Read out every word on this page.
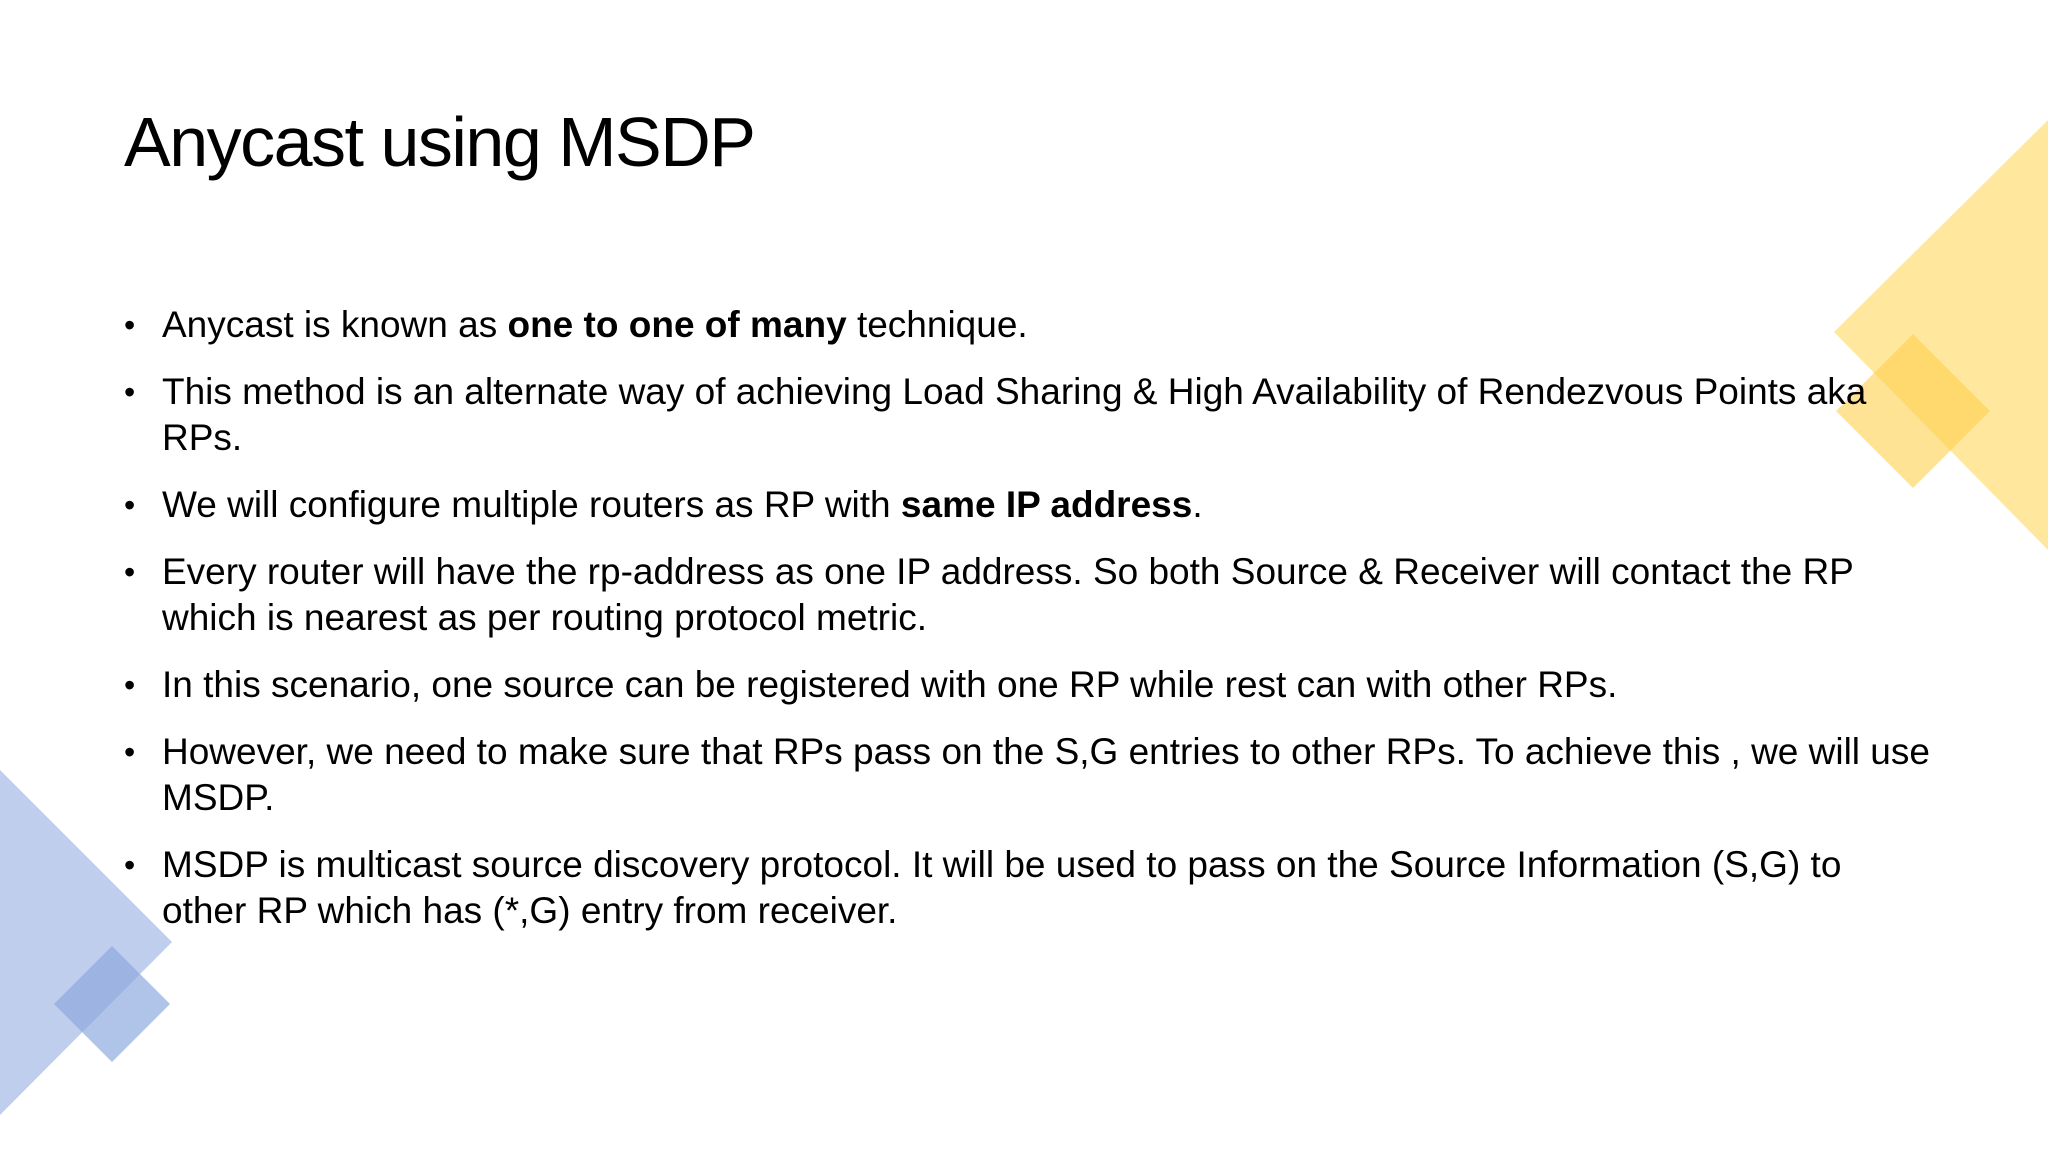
Anycast using MSDP
• Anycast is known as one to one of many technique.
• This method is an alternate way of achieving Load Sharing & High Availability of Rendezvous Points aka RPs.
• We will configure multiple routers as RP with same IP address.
• Every router will have the rp-address as one IP address. So both Source & Receiver will contact the RP which is nearest as per routing protocol metric.
• In this scenario, one source can be registered with one RP while rest can with other RPs.
• However, we need to make sure that RPs pass on the S,G entries to other RPs. To achieve this , we will use MSDP.
• MSDP is multicast source discovery protocol. It will be used to pass on the Source Information (S,G) to other RP which has (*,G) entry from receiver.
